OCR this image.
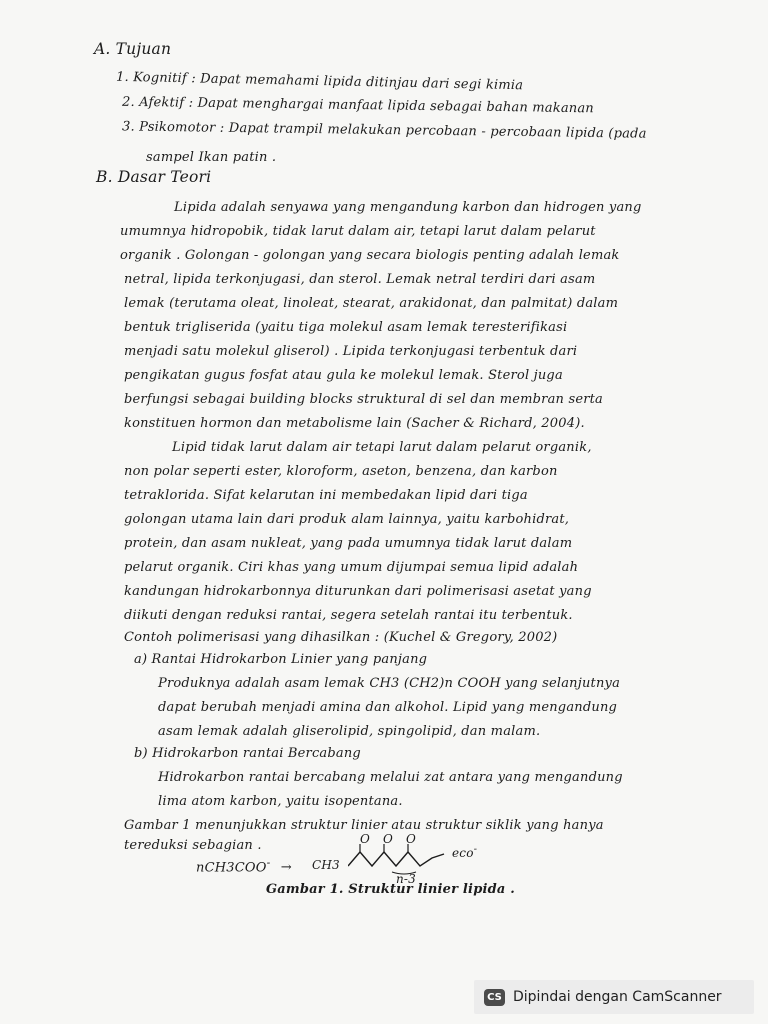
A. Tujuan
1. Kognitif : Dapat memahami lipida ditinjau dari segi kimia
2. Afektif : Dapat menghargai manfaat lipida sebagai bahan makanan
3. Psikomotor : Dapat trampil melakukan percobaan - percobaan lipida (pada
sampel Ikan patin .
B. Dasar Teori
Lipida adalah senyawa yang mengandung karbon dan hidrogen yang
umumnya hidropobik, tidak larut dalam air, tetapi larut dalam pelarut
organik . Golongan - golongan yang secara biologis penting adalah lemak
netral, lipida terkonjugasi, dan sterol. Lemak netral terdiri dari asam
lemak (terutama oleat, linoleat, stearat, arakidonat, dan palmitat) dalam
bentuk trigliserida (yaitu tiga molekul asam lemak teresterifikasi
menjadi satu molekul gliserol) . Lipida terkonjugasi terbentuk dari
pengikatan gugus fosfat atau gula ke molekul lemak. Sterol juga
berfungsi sebagai building blocks struktural di sel dan membran serta
konstituen hormon dan metabolisme lain (Sacher & Richard, 2004).
Lipid tidak larut dalam air tetapi larut dalam pelarut organik,
non polar seperti ester, kloroform, aseton, benzena, dan karbon
tetraklorida. Sifat kelarutan ini membedakan lipid dari tiga
golongan utama lain dari produk alam lainnya, yaitu karbohidrat,
protein, dan asam nukleat, yang pada umumnya tidak larut dalam
pelarut organik. Ciri khas yang umum dijumpai semua lipid adalah
kandungan hidrokarbonnya diturunkan dari polimerisasi asetat yang
diikuti dengan reduksi rantai, segera setelah rantai itu terbentuk.
Contoh polimerisasi yang dihasilkan : (Kuchel & Gregory, 2002)
a) Rantai Hidrokarbon Linier yang panjang
Produknya adalah asam lemak CH3 (CH2)n COOH yang selanjutnya
dapat berubah menjadi amina dan alkohol. Lipid yang mengandung
asam lemak adalah gliserolipid, spingolipid, dan malam.
b) Hidrokarbon rantai Bercabang
Hidrokarbon rantai bercabang melalui zat antara yang mengandung
lima atom karbon, yaitu isopentana.
Gambar 1 menunjukkan struktur linier atau struktur siklik yang hanya
tereduksi sebagian .
nCH3COO- → CH3
O O O
n-3
eco-
Gambar 1. Struktur linier lipida .
CS Dipindai dengan CamScanner
